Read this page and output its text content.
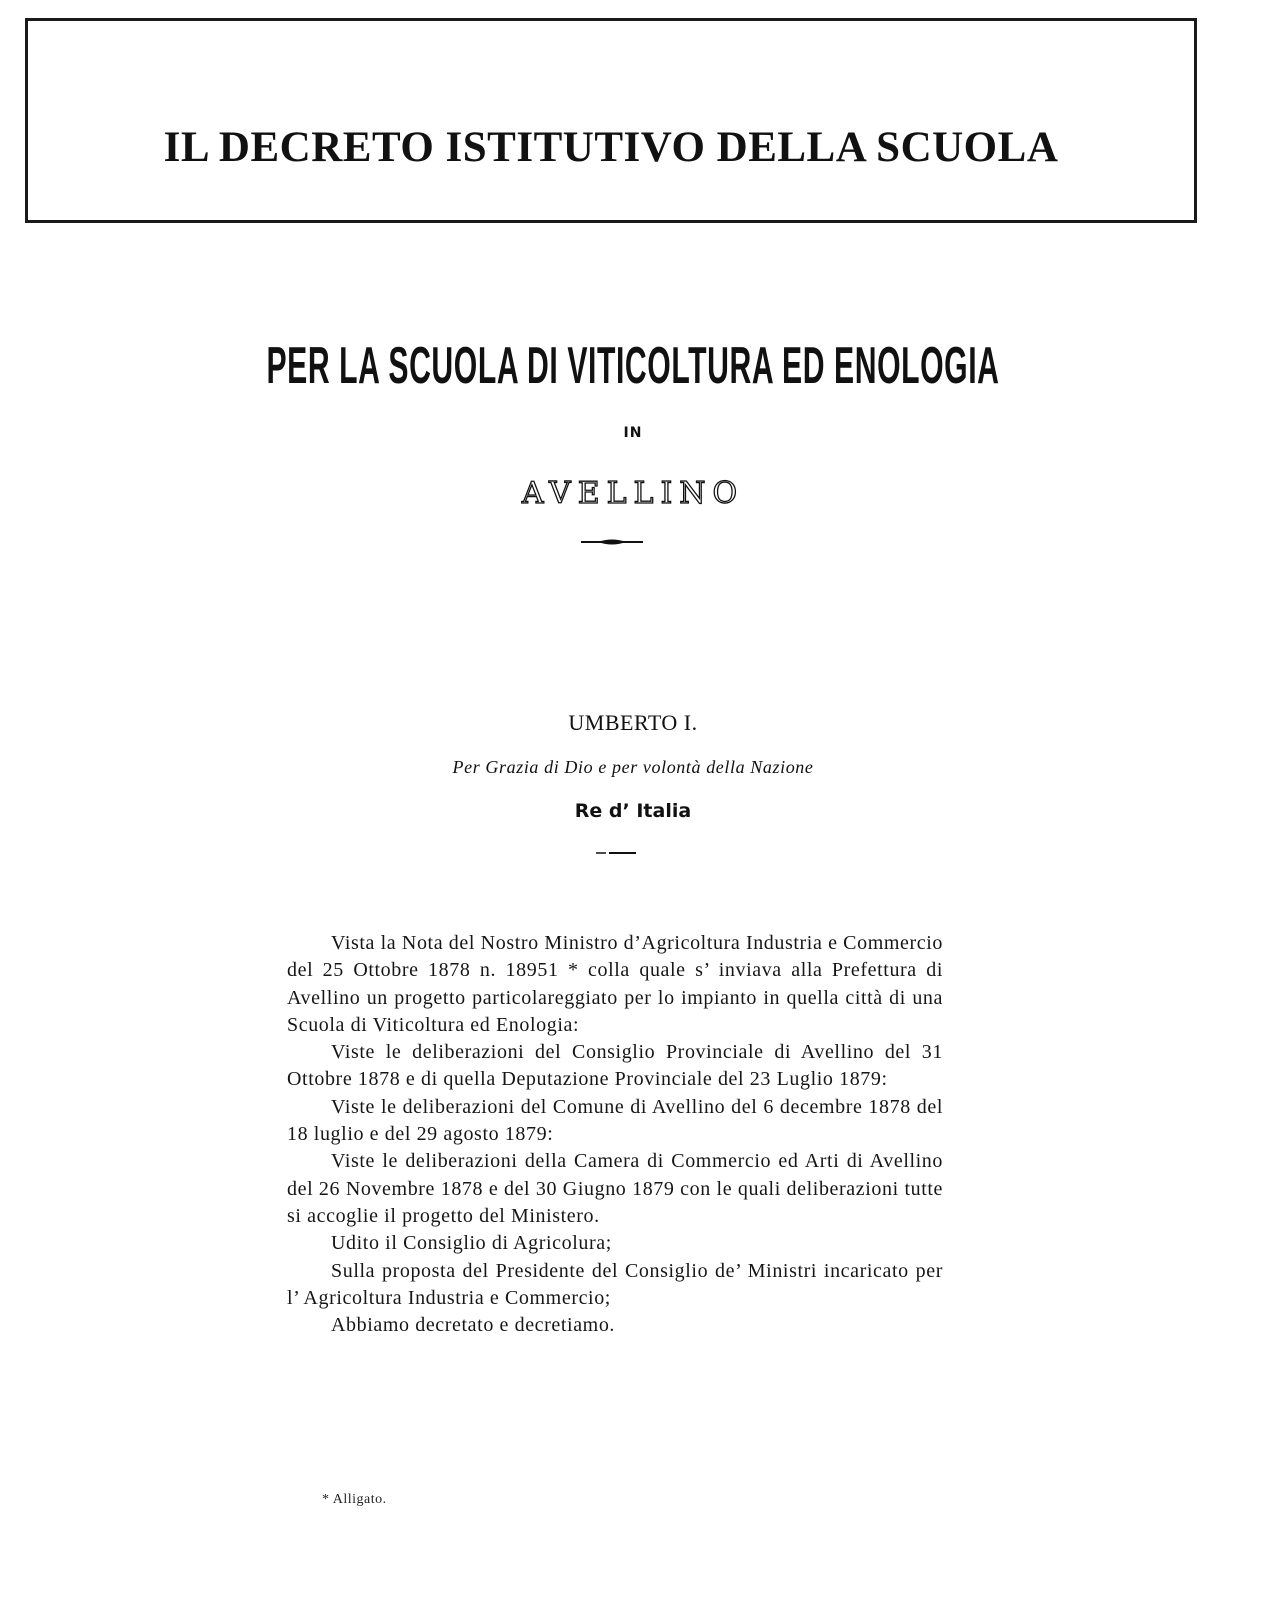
IL DECRETO ISTITUTIVO DELLA SCUOLA
PER LA SCUOLA DI VITICOLTURA ED ENOLOGIA
IN
AVELLINO
UMBERTO I.
Per Grazia di Dio e per volontà della Nazione
Re d’ Italia

Vista la Nota del Nostro Ministro d’Agricoltura Industria e Commercio del 25 Ottobre 1878 n. 18951 * colla quale s’ inviava alla Prefettura di Avellino un progetto particolareggiato per lo impianto in quella città di una Scuola di Viticoltura ed Enologia:

Viste le deliberazioni del Consiglio Provinciale di Avellino del 31 Ottobre 1878 e di quella Deputazione Provinciale del 23 Luglio 1879:

Viste le deliberazioni del Comune di Avellino del 6 decembre 1878 del 18 luglio e del 29 agosto 1879:

Viste le deliberazioni della Camera di Commercio ed Arti di Avellino del 26 Novembre 1878 e del 30 Giugno 1879 con le quali deliberazioni tutte si accoglie il progetto del Ministero.

Udito il Consiglio di Agricolura;

Sulla proposta del Presidente del Consiglio de’ Ministri incaricato per l’ Agricoltura Industria e Commercio;

Abbiamo decretato e decretiamo.

* Alligato.
